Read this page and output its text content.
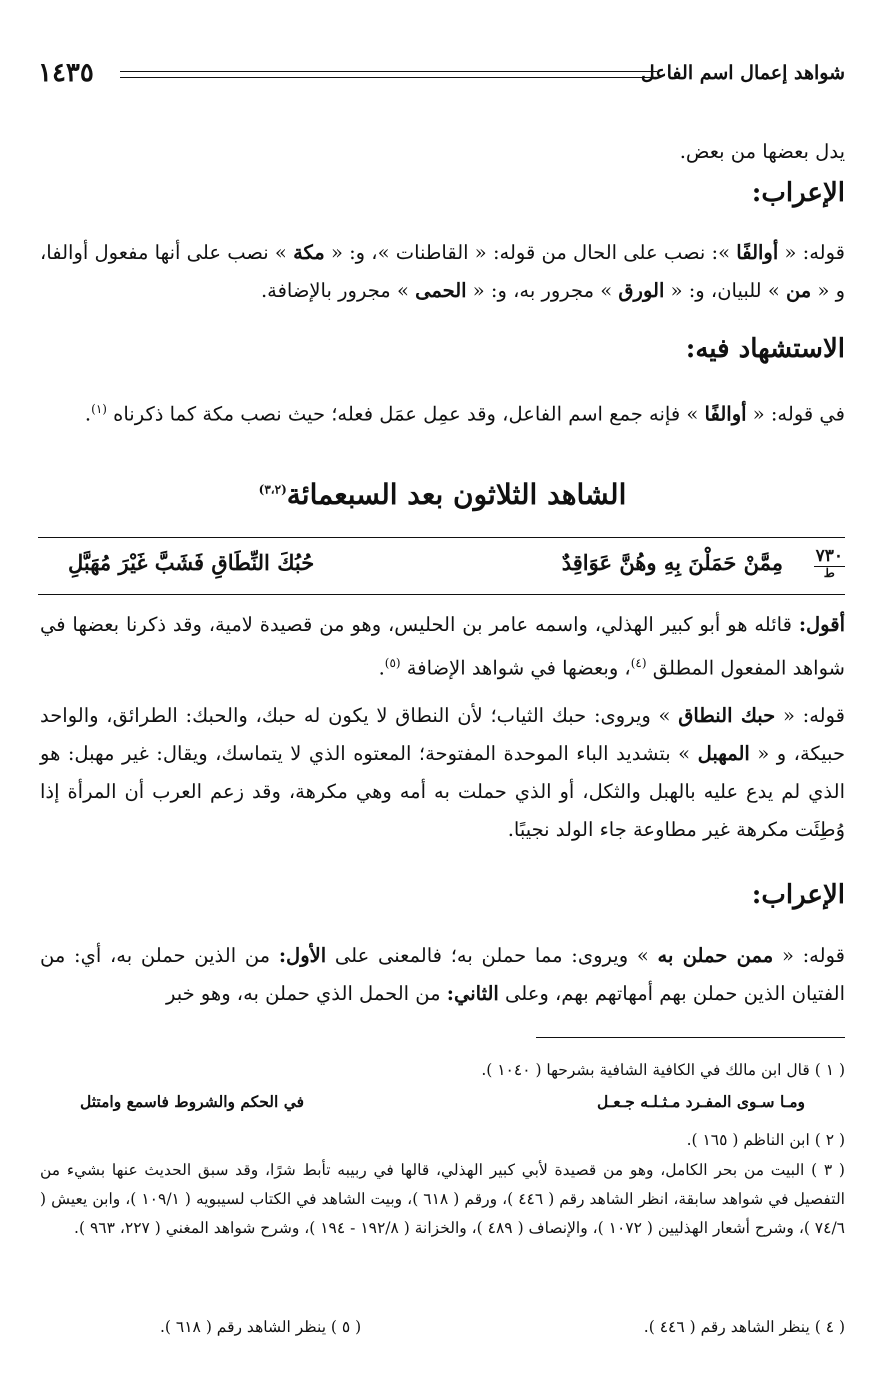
شواهد إعمال اسم الفاعل
١٤٣٥
يدل بعضها من بعض.
الإعراب:
قوله: « أوالفًا »: نصب على الحال من قوله: « القاطنات »، و: « مكة » نصب على أنها مفعول أوالفا، و « من » للبيان، و: « الورق » مجرور به، و: « الحمى » مجرور بالإضافة.
الاستشهاد فيه:
في قوله: « أوالفًا » فإنه جمع اسم الفاعل، وقد عمِل عمَل فعله؛ حيث نصب مكة كما ذكرناه $^{(١)}$.
الشاهد الثلاثون بعد السبعمائة$^{(٣،٢)}$
٧٣٠
ط
مِمَّنْ حَمَلْنَ بِهِ وهُنَّ عَوَاقِدٌ
حُبُكَ النِّطَاقِ فَشَبَّ غَيْرَ مُهَبَّلِ
أقول: قائله هو أبو كبير الهذلي، واسمه عامر بن الحليس، وهو من قصيدة لامية، وقد ذكرنا بعضها في شواهد المفعول المطلق $^{(٤)}$، وبعضها في شواهد الإضافة $^{(٥)}$.
قوله: « حبك النطاق » ويروى: حبك الثياب؛ لأن النطاق لا يكون له حبك، والحبك: الطرائق، والواحد حبيكة، و « المهبل » بتشديد الباء الموحدة المفتوحة؛ المعتوه الذي لا يتماسك، ويقال: غير مهبل: هو الذي لم يدع عليه بالهبل والثكل، أو الذي حملت به أمه وهي مكرهة، وقد زعم العرب أن المرأة إذا وُطِئَت مكرهة غير مطاوعة جاء الولد نجيبًا.
الإعراب:
قوله: « ممن حملن به » ويروى: مما حملن به؛ فالمعنى على الأول: من الذين حملن به، أي: من الفتيان الذين حملن بهم أمهاتهم بهم، وعلى الثاني: من الحمل الذي حملن به، وهو خبر
( ١ ) قال ابن مالك في الكافية الشافية بشرحها ( ١٠٤٠ ).
ومـا سـوى المفـرد مـثـلـه جـعـل
في الحكم والشروط فاسمع وامتثل
( ٢ ) ابن الناظم ( ١٦٥ ).
( ٣ ) البيت من بحر الكامل، وهو من قصيدة لأبي كبير الهذلي، قالها في ربيبه تأبط شرًا، وقد سبق الحديث عنها بشيء من التفصيل في شواهد سابقة، انظر الشاهد رقم ( ٤٤٦ )، ورقم ( ٦١٨ )، وبيت الشاهد في الكتاب لسيبويه ( ١٠٩/١ )، وابن يعيش ( ٧٤/٦ )، وشرح أشعار الهذليين ( ١٠٧٢ )، والإنصاف ( ٤٨٩ )، والخزانة ( ١٩٢/٨ - ١٩٤ )، وشرح شواهد المغني ( ٢٢٧، ٩٦٣ ).
( ٤ ) ينظر الشاهد رقم ( ٤٤٦ ).
( ٥ ) ينظر الشاهد رقم ( ٦١٨ ).
